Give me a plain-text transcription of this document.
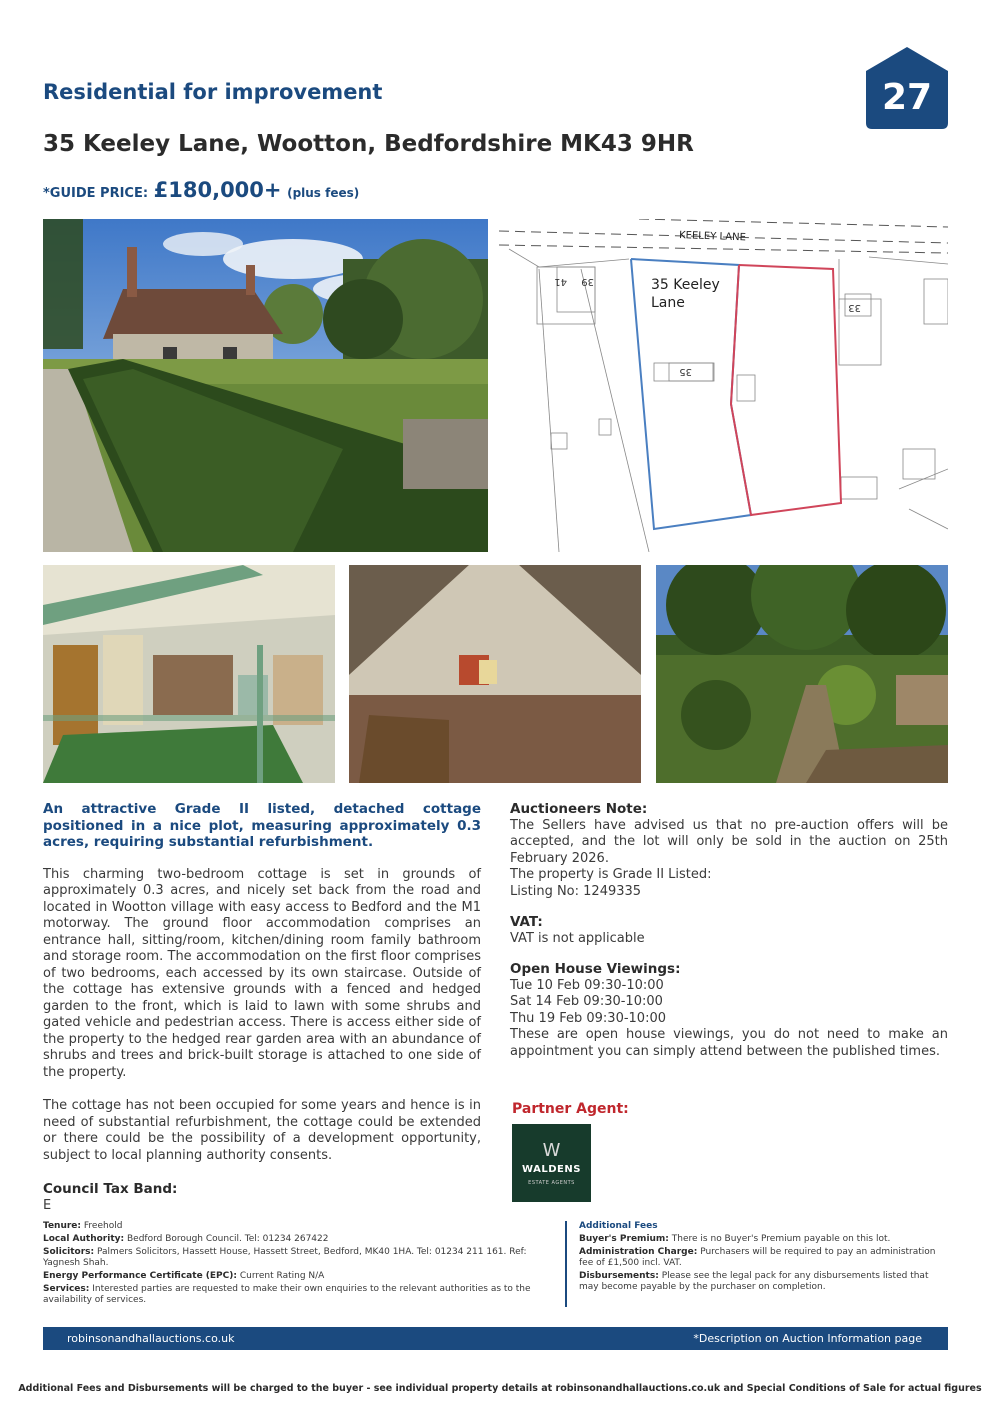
Residential for improvement	27
35 Keeley Lane, Wootton, Bedfordshire MK43 9HR
*GUIDE PRICE: £180,000+ (plus fees)
KEELEY LANE
35 Keeley
Lane
39
41
35
33
An attractive Grade II listed, detached cottage positioned in a nice plot, measuring approximately 0.3 acres, requiring substantial refurbishment.
This charming two-bedroom cottage is set in grounds of approximately 0.3 acres, and nicely set back from the road and located in Wootton village with easy access to Bedford and the M1 motorway. The ground floor accommodation comprises an entrance hall, sitting/room, kitchen/dining room family bathroom and storage room. The accommodation on the first floor comprises of two bedrooms, each accessed by its own staircase. Outside of the cottage has extensive grounds with a fenced and hedged garden to the front, which is laid to lawn with some shrubs and gated vehicle and pedestrian access. There is access either side of the property to the hedged rear garden area with an abundance of shrubs and trees and brick-built storage is attached to one side of the property.
The cottage has not been occupied for some years and hence is in need of substantial refurbishment, the cottage could be extended or there could be the possibility of a development opportunity, subject to local planning authority consents.
Council Tax Band:
E
Auctioneers Note:
The Sellers have advised us that no pre-auction offers will be accepted, and the lot will only be sold in the auction on 25th February 2026.
The property is Grade II Listed:
Listing No: 1249335
VAT:
VAT is not applicable
Open House Viewings:
Tue 10 Feb 09:30-10:00
Sat 14 Feb 09:30-10:00
Thu 19 Feb 09:30-10:00
These are open house viewings, you do not need to make an appointment you can simply attend between the published times.
Partner Agent:
W
WALDENS
ESTATE AGENTS

Tenure: Freehold

Local Authority: Bedford Borough Council. Tel: 01234 267422

Solicitors: Palmers Solicitors, Hassett House, Hassett Street, Bedford, MK40 1HA. Tel: 01234 211 161. Ref: Yagnesh Shah.

Energy Performance Certificate (EPC): Current Rating N/A

Services: Interested parties are requested to make their own enquiries to the relevant authorities as to the availability of services.

Additional Fees

Buyer's Premium: There is no Buyer's Premium payable on this lot.

Administration Charge: Purchasers will be required to pay an administration fee of £1,500 incl. VAT.

Disbursements: Please see the legal pack for any disbursements listed that may become payable by the purchaser on completion.

robinsonandhallauctions.co.uk	*Description on Auction Information page
Additional Fees and Disbursements will be charged to the buyer - see individual property details at robinsonandhallauctions.co.uk and Special Conditions of Sale for actual figures
